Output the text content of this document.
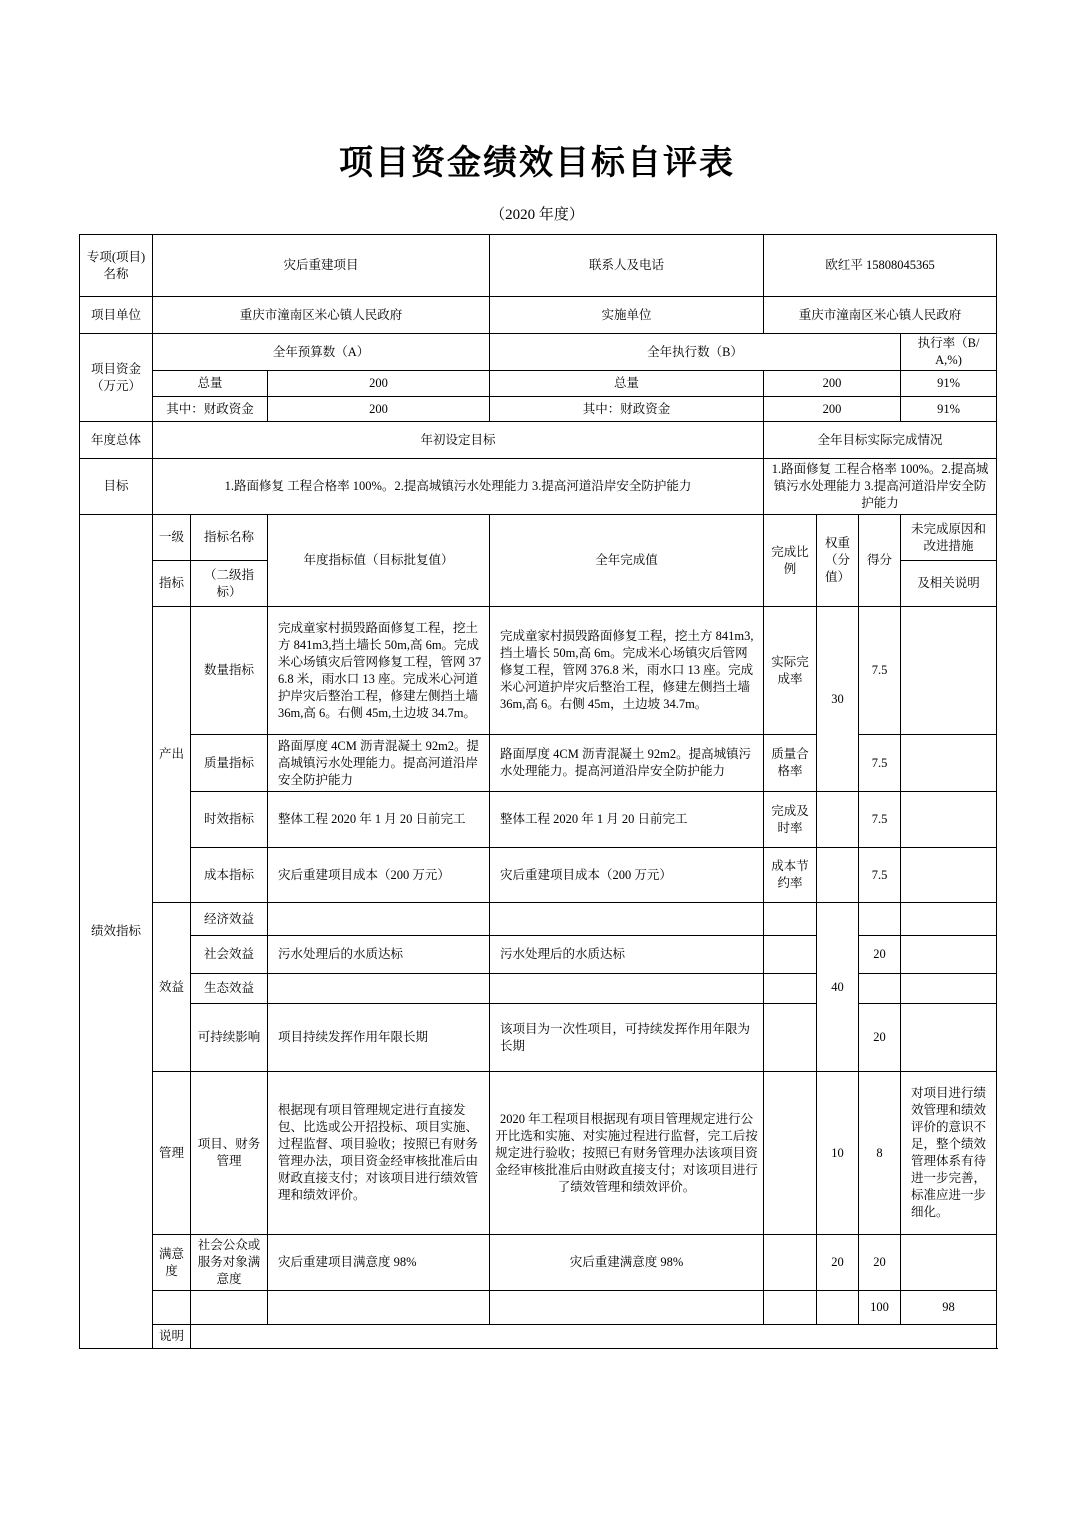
项目资金绩效目标自评表
（2020 年度）
专项(项目)名称	灾后重建项目			联系人及电话	欧红平 15808045365				
项目单位	重庆市潼南区米心镇人民政府			实施单位	重庆市潼南区米心镇人民政府				
项目资金（万元）	全年预算数（A）			全年执行数（B）				执行率（B/A,%)	
	总量		200	总量	200			91%	
	其中：财政资金		200	其中：财政资金	200			91%	
年度总体	年初设定目标				全年目标实际完成情况				
目标	1.路面修复 工程合格率 100%。2.提高城镇污水处理能力 3.提高河道沿岸安全防护能力				1.路面修复 工程合格率 100%。2.提高城镇污水处理能力 3.提高河道沿岸安全防护能力				
绩效指标	一级	指标名称	年度指标值（目标批复值）	全年完成值	完成比例	权重（分值）	得分	未完成原因和改进措施	
	指标	（二级指标）						及相关说明	
	产出	数量指标	完成童家村损毁路面修复工程，挖土方 841m3,挡土墙长 50m,高 6m。完成米心场镇灾后管网修复工程，管网 376.8 米，雨水口 13 座。完成米心河道护岸灾后整治工程，修建左侧挡土墙 36m,高 6。右侧 45m,土边坡 34.7m。	完成童家村损毁路面修复工程，挖土方 841m3,挡土墙长 50m,高 6m。完成米心场镇灾后管网修复工程，管网 376.8 米，雨水口 13 座。完成米心河道护岸灾后整治工程，修建左侧挡土墙 36m,高 6。右侧 45m，土边坡 34.7m。	实际完成率	30	7.5		
		质量指标	路面厚度 4CM 沥青混凝土 92m2。提高城镇污水处理能力。提高河道沿岸安全防护能力	路面厚度 4CM 沥青混凝土 92m2。提高城镇污水处理能力。提高河道沿岸安全防护能力	质量合格率		7.5		
		时效指标	整体工程 2020 年 1 月 20 日前完工	整体工程 2020 年 1 月 20 日前完工	完成及时率		7.5		
		成本指标	灾后重建项目成本（200 万元）	灾后重建项目成本（200 万元）	成本节约率		7.5		
	效益	经济效益				40			
		社会效益	污水处理后的水质达标	污水处理后的水质达标			20		
		生态效益							
		可持续影响	项目持续发挥作用年限长期	该项目为一次性项目，可持续发挥作用年限为长期			20		
	管理	项目、财务管理	根据现有项目管理规定进行直接发包、比选或公开招投标、项目实施、过程监督、项目验收；按照已有财务管理办法，项目资金经审核批准后由财政直接支付；对该项目进行绩效管理和绩效评价。	2020 年工程项目根据现有项目管理规定进行公开比选和实施、对实施过程进行监督，完工后按规定进行验收；按照已有财务管理办法该项目资金经审核批准后由财政直接支付；对该项目进行了绩效管理和绩效评价。		10	8	对项目进行绩效管理和绩效评价的意识不足，整个绩效管理体系有待进一步完善，标准应进一步细化。	
	满意度	社会公众或服务对象满意度	灾后重建项目满意度 98%	灾后重建满意度 98%		20	20		
							100	98	
	说明								
